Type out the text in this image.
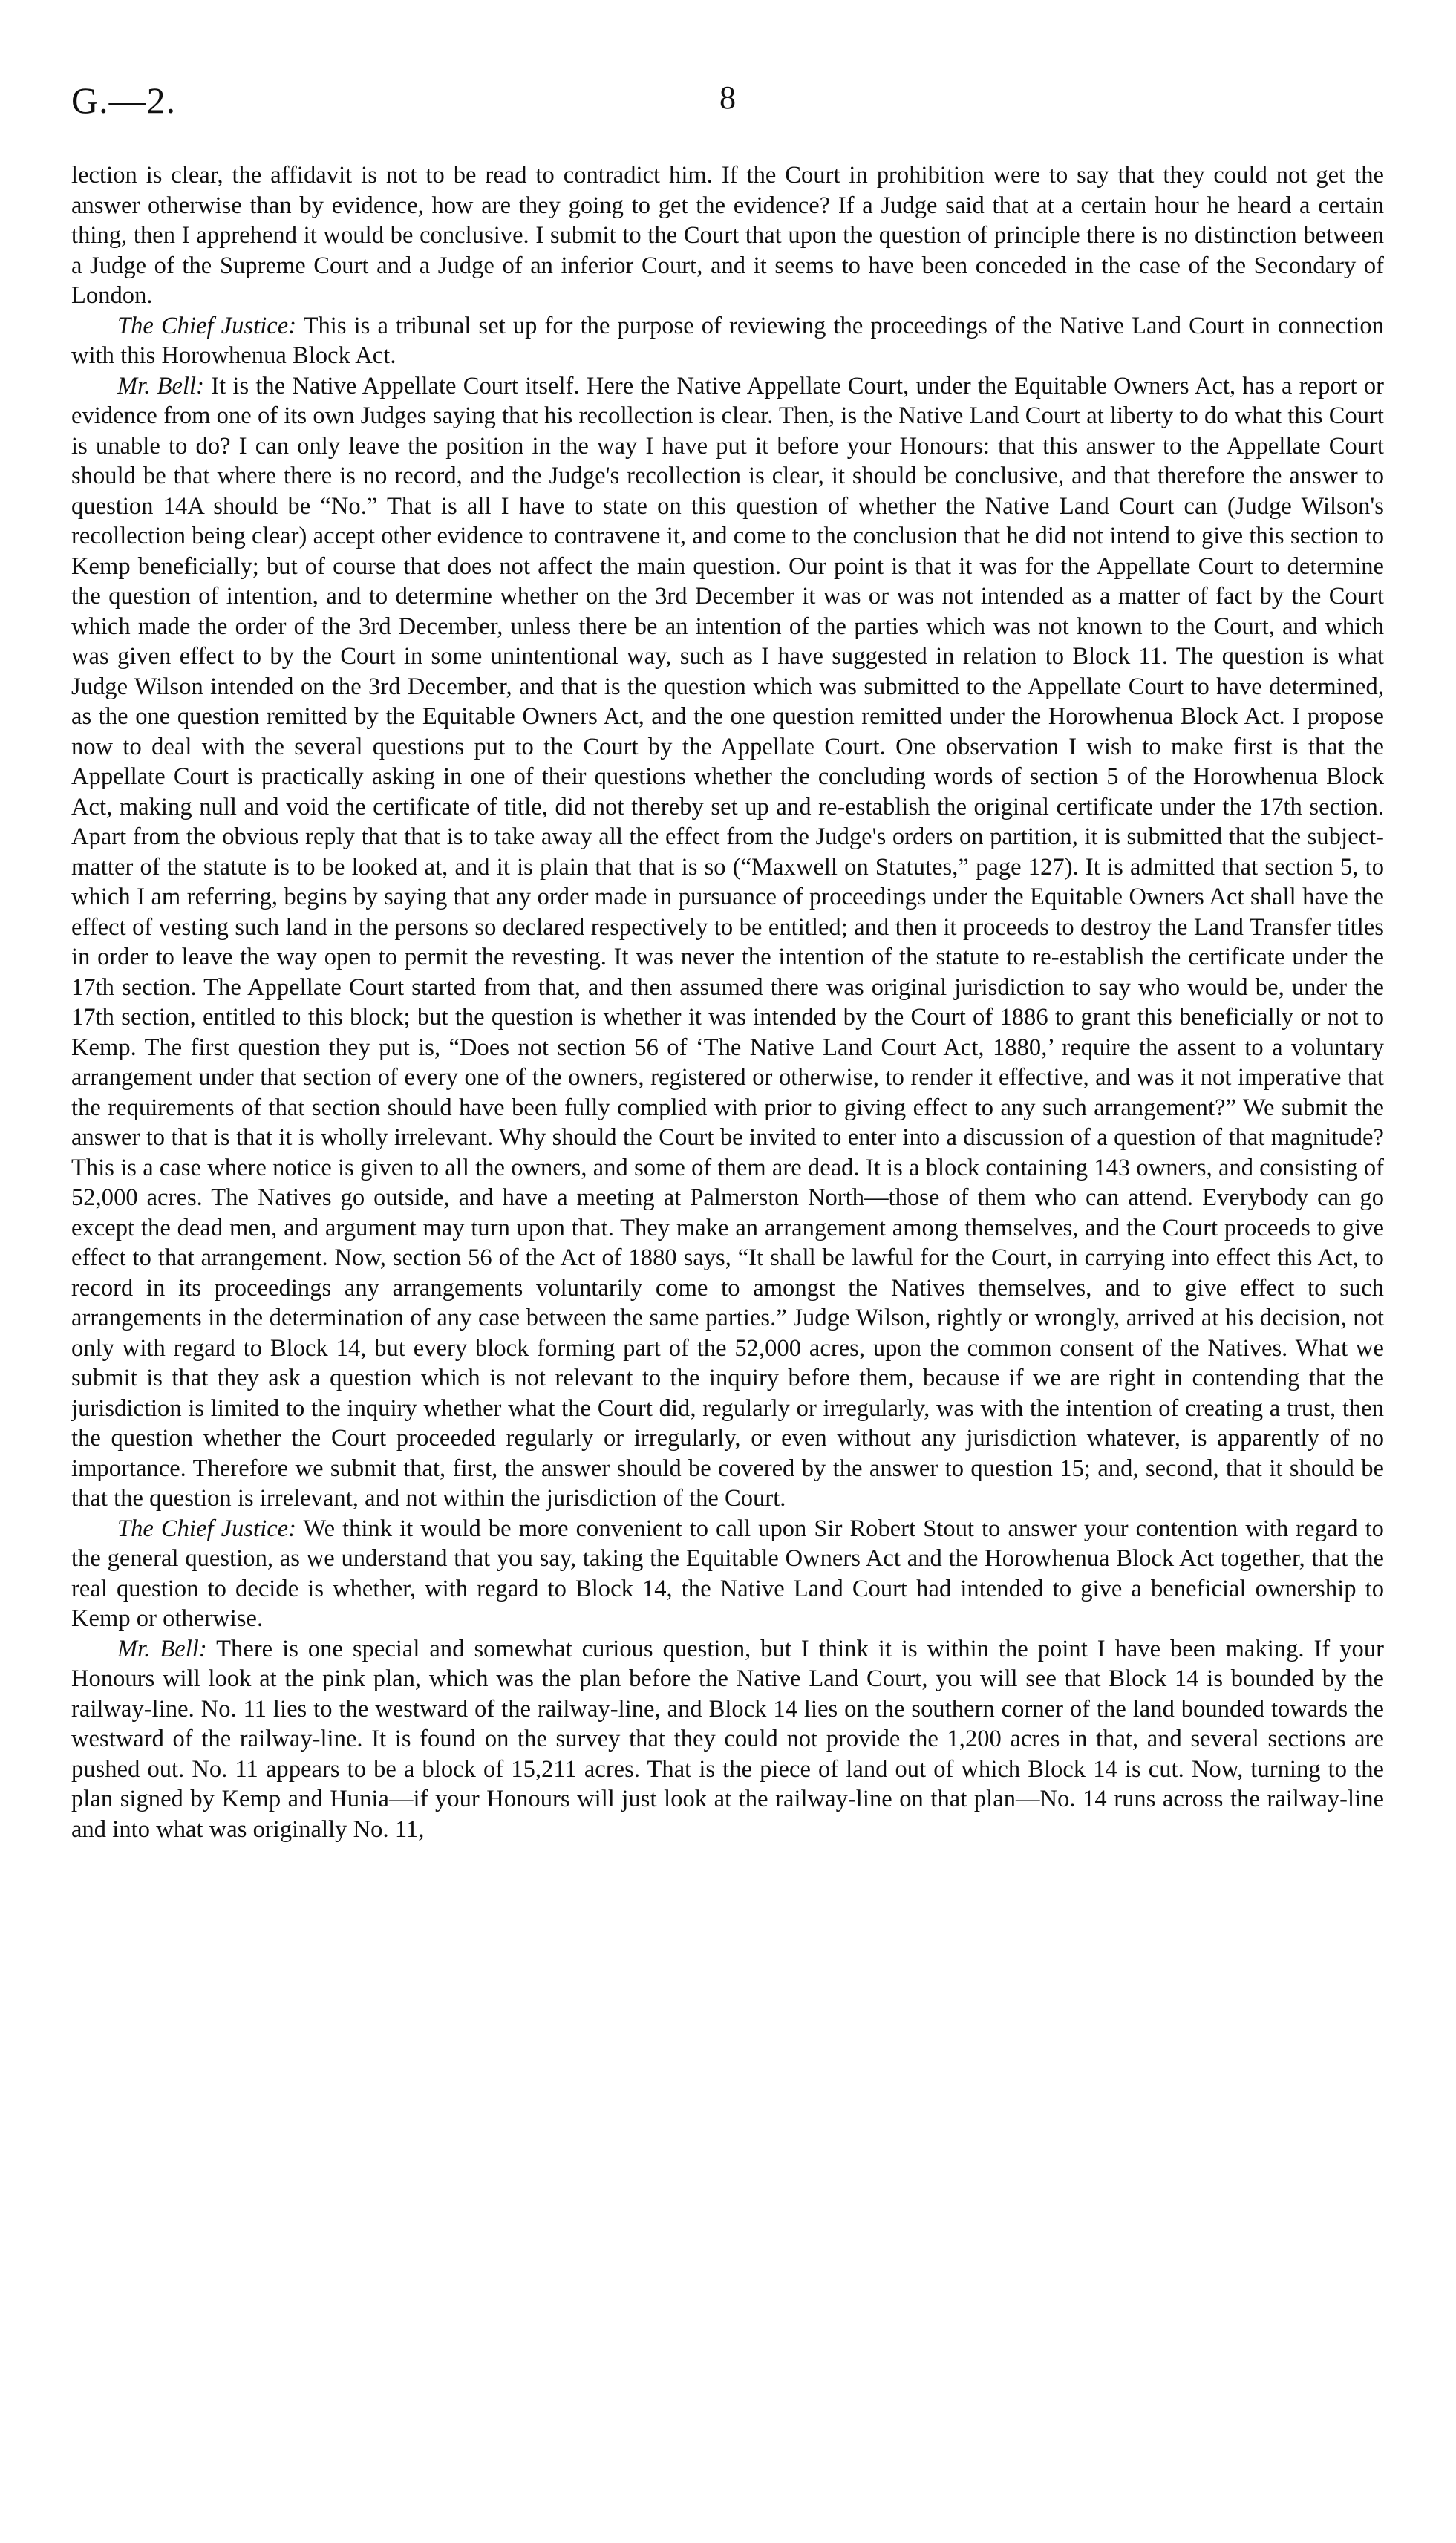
G.—2.	8

lection is clear, the affidavit is not to be read to contradict him. If the Court in prohibition were to say that they could not get the answer otherwise than by evidence, how are they going to get the evidence? If a Judge said that at a certain hour he heard a certain thing, then I apprehend it would be conclusive. I submit to the Court that upon the question of principle there is no distinction between a Judge of the Supreme Court and a Judge of an inferior Court, and it seems to have been conceded in the case of the Secondary of London.

The Chief Justice: This is a tribunal set up for the purpose of reviewing the proceedings of the Native Land Court in connection with this Horowhenua Block Act.

Mr. Bell: It is the Native Appellate Court itself. Here the Native Appellate Court, under the Equitable Owners Act, has a report or evidence from one of its own Judges saying that his recollection is clear. Then, is the Native Land Court at liberty to do what this Court is unable to do? I can only leave the position in the way I have put it before your Honours: that this answer to the Appellate Court should be that where there is no record, and the Judge's recollection is clear, it should be conclusive, and that therefore the answer to question 14A should be “No.” That is all I have to state on this question of whether the Native Land Court can (Judge Wilson's recollection being clear) accept other evidence to contravene it, and come to the conclusion that he did not intend to give this section to Kemp beneficially; but of course that does not affect the main question. Our point is that it was for the Appellate Court to determine the question of intention, and to determine whether on the 3rd December it was or was not intended as a matter of fact by the Court which made the order of the 3rd December, unless there be an intention of the parties which was not known to the Court, and which was given effect to by the Court in some unintentional way, such as I have suggested in relation to Block 11. The question is what Judge Wilson intended on the 3rd December, and that is the question which was submitted to the Appellate Court to have determined, as the one question remitted by the Equitable Owners Act, and the one question remitted under the Horowhenua Block Act. I propose now to deal with the several questions put to the Court by the Appellate Court. One observation I wish to make first is that the Appellate Court is practically asking in one of their questions whether the concluding words of section 5 of the Horowhenua Block Act, making null and void the certificate of title, did not thereby set up and re-establish the original certificate under the 17th section. Apart from the obvious reply that that is to take away all the effect from the Judge's orders on partition, it is submitted that the subject-matter of the statute is to be looked at, and it is plain that that is so (“Maxwell on Statutes,” page 127). It is admitted that section 5, to which I am referring, begins by saying that any order made in pursuance of proceedings under the Equitable Owners Act shall have the effect of vesting such land in the persons so declared respectively to be entitled; and then it proceeds to destroy the Land Transfer titles in order to leave the way open to permit the revesting. It was never the intention of the statute to re-establish the certificate under the 17th section. The Appellate Court started from that, and then assumed there was original jurisdiction to say who would be, under the 17th section, entitled to this block; but the question is whether it was intended by the Court of 1886 to grant this beneficially or not to Kemp. The first question they put is, “Does not section 56 of ‘The Native Land Court Act, 1880,’ require the assent to a voluntary arrangement under that section of every one of the owners, registered or otherwise, to render it effective, and was it not imperative that the requirements of that section should have been fully complied with prior to giving effect to any such arrangement?” We submit the answer to that is that it is wholly irrelevant. Why should the Court be invited to enter into a discussion of a question of that magnitude? This is a case where notice is given to all the owners, and some of them are dead. It is a block containing 143 owners, and consisting of 52,000 acres. The Natives go outside, and have a meeting at Palmerston North—those of them who can attend. Everybody can go except the dead men, and argument may turn upon that. They make an arrangement among themselves, and the Court proceeds to give effect to that arrangement. Now, section 56 of the Act of 1880 says, “It shall be lawful for the Court, in carrying into effect this Act, to record in its proceedings any arrangements voluntarily come to amongst the Natives themselves, and to give effect to such arrangements in the determination of any case between the same parties.” Judge Wilson, rightly or wrongly, arrived at his decision, not only with regard to Block 14, but every block forming part of the 52,000 acres, upon the common consent of the Natives. What we submit is that they ask a question which is not relevant to the inquiry before them, because if we are right in contending that the jurisdiction is limited to the inquiry whether what the Court did, regularly or irregularly, was with the intention of creating a trust, then the question whether the Court proceeded regularly or irregularly, or even without any jurisdiction whatever, is apparently of no importance. Therefore we submit that, first, the answer should be covered by the answer to question 15; and, second, that it should be that the question is irrelevant, and not within the jurisdiction of the Court.

The Chief Justice: We think it would be more convenient to call upon Sir Robert Stout to answer your contention with regard to the general question, as we understand that you say, taking the Equitable Owners Act and the Horowhenua Block Act together, that the real question to decide is whether, with regard to Block 14, the Native Land Court had intended to give a beneficial ownership to Kemp or otherwise.

Mr. Bell: There is one special and somewhat curious question, but I think it is within the point I have been making. If your Honours will look at the pink plan, which was the plan before the Native Land Court, you will see that Block 14 is bounded by the railway-line. No. 11 lies to the westward of the railway-line, and Block 14 lies on the southern corner of the land bounded towards the westward of the railway-line. It is found on the survey that they could not provide the 1,200 acres in that, and several sections are pushed out. No. 11 appears to be a block of 15,211 acres. That is the piece of land out of which Block 14 is cut. Now, turning to the plan signed by Kemp and Hunia—if your Honours will just look at the railway-line on that plan—No. 14 runs across the railway-line and into what was originally No. 11,
